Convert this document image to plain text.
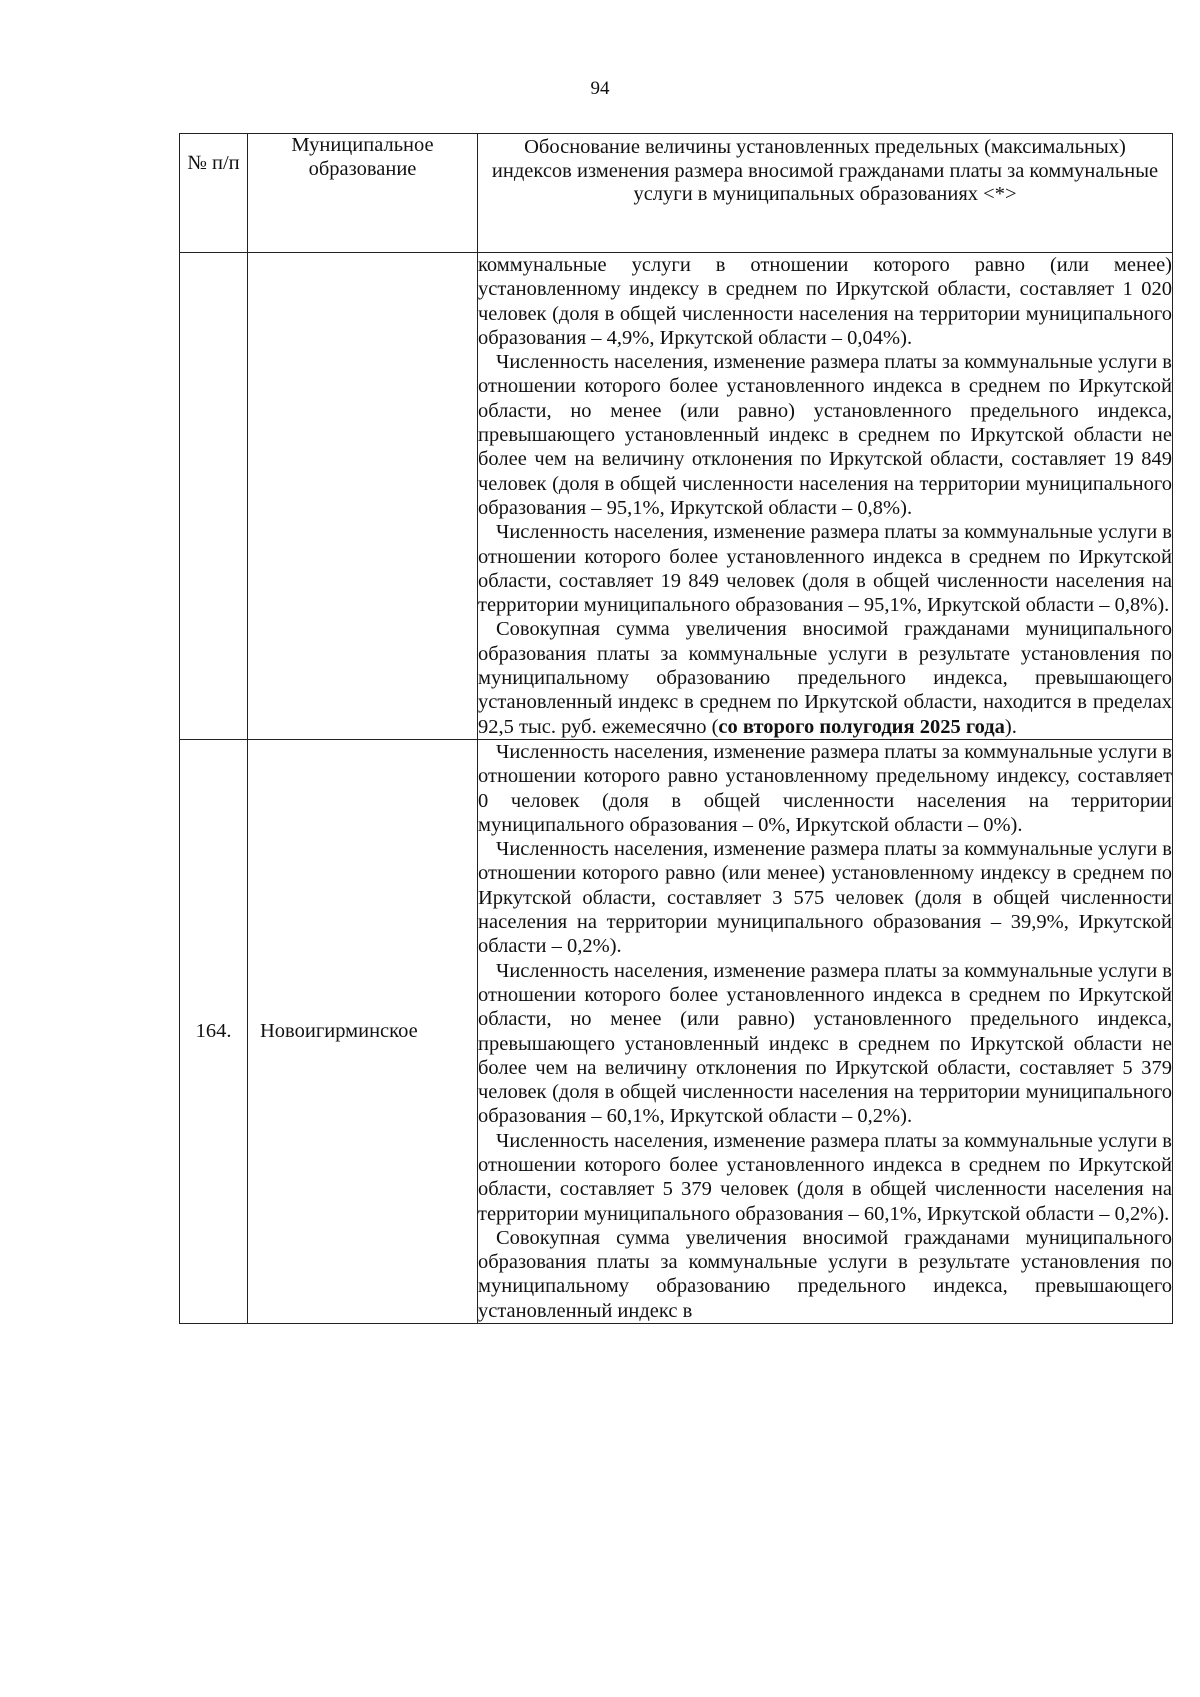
94
№ п/п	Муниципальное образование	Обоснование величины установленных предельных (максимальных) индексов изменения размера вносимой гражданами платы за коммунальные услуги в муниципальных образованиях <*>

		коммунальные услуги в отношении которого равно (или менее) установленному индексу в среднем по Иркутской области, составляет 1 020 человек (доля в общей численности населения на территории муниципального образования – 4,9%, Иркутской области – 0,04%).

Численность населения, изменение размера платы за коммунальные услуги в отношении которого более установленного индекса в среднем по Иркутской области, но менее (или равно) установленного предельного индекса, превышающего установленный индекс в среднем по Иркутской области не более чем на величину отклонения по Иркутской области, составляет 19 849 человек (доля в общей численности населения на территории муниципального образования – 95,1%, Иркутской области – 0,8%).

Численность населения, изменение размера платы за коммунальные услуги в отношении которого более установленного индекса в среднем по Иркутской области, составляет 19 849 человек (доля в общей численности населения на территории муниципального образования – 95,1%, Иркутской области – 0,8%).

Совокупная сумма увеличения вносимой гражданами муниципального образования платы за коммунальные услуги в результате установления по муниципальному образованию предельного индекса, превышающего установленный индекс в среднем по Иркутской области, находится в пределах 92,5 тыс. руб. ежемесячно (со второго полугодия 2025 года).

164.	Новоигирминское	Численность населения, изменение размера платы за коммунальные услуги в отношении которого равно установленному предельному индексу, составляет 0 человек (доля в общей численности населения на территории муниципального образования – 0%, Иркутской области – 0%).

Численность населения, изменение размера платы за коммунальные услуги в отношении которого равно (или менее) установленному индексу в среднем по Иркутской области, составляет 3 575 человек (доля в общей численности населения на территории муниципального образования – 39,9%, Иркутской области – 0,2%).

Численность населения, изменение размера платы за коммунальные услуги в отношении которого более установленного индекса в среднем по Иркутской области, но менее (или равно) установленного предельного индекса, превышающего установленный индекс в среднем по Иркутской области не более чем на величину отклонения по Иркутской области, составляет 5 379 человек (доля в общей численности населения на территории муниципального образования – 60,1%, Иркутской области – 0,2%).

Численность населения, изменение размера платы за коммунальные услуги в отношении которого более установленного индекса в среднем по Иркутской области, составляет 5 379 человек (доля в общей численности населения на территории муниципального образования – 60,1%, Иркутской области – 0,2%).

Совокупная сумма увеличения вносимой гражданами муниципального образования платы за коммунальные услуги в результате установления по муниципальному образованию предельного индекса, превышающего установленный индекс в
